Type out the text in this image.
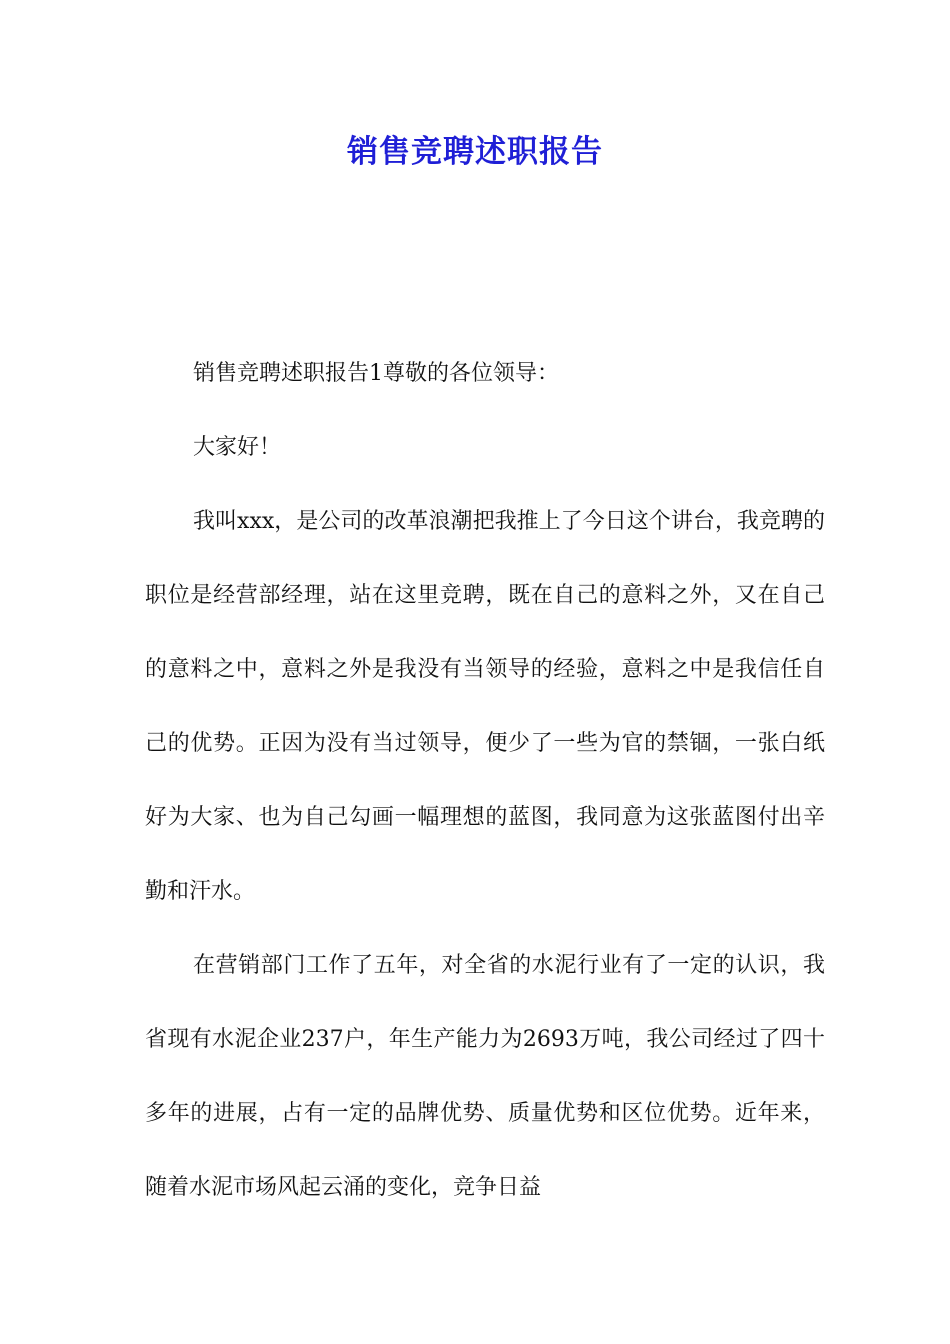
销售竞聘述职报告

销售竞聘述职报告1尊敬的各位领导：

大家好！

我叫xxx，是公司的改革浪潮把我推上了今日这个讲台，我竞聘的职位是经营部经理，站在这里竞聘，既在自己的意料之外，又在自己的意料之中，意料之外是我没有当领导的经验，意料之中是我信任自己的优势。正因为没有当过领导，便少了一些为官的禁锢，一张白纸好为大家、也为自己勾画一幅理想的蓝图，我同意为这张蓝图付出辛勤和汗水。

在营销部门工作了五年，对全省的水泥行业有了一定的认识，我省现有水泥企业237户，年生产能力为2693万吨，我公司经过了四十多年的进展，占有一定的品牌优势、质量优势和区位优势。近年来，随着水泥市场风起云涌的变化，竞争日益
